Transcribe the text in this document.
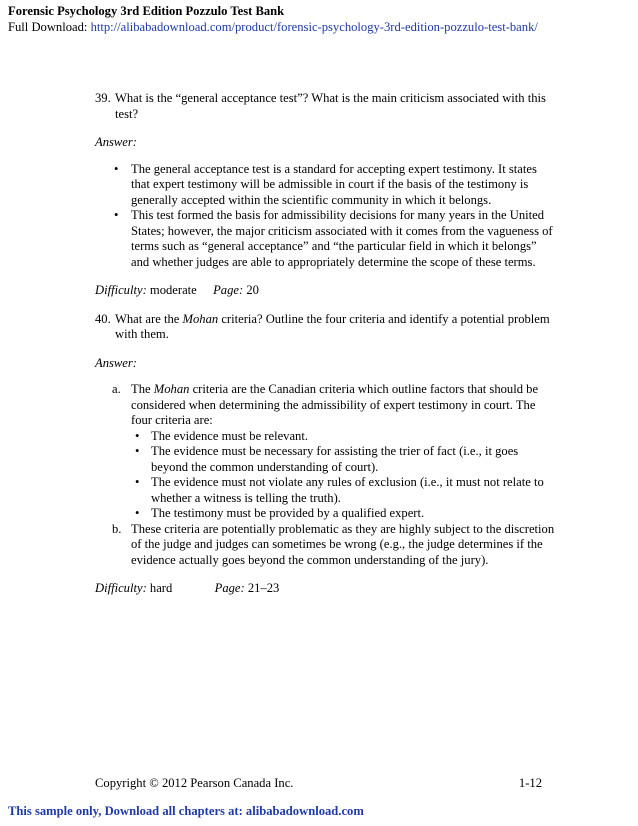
Forensic Psychology 3rd Edition Pozzulo Test Bank
Full Download: http://alibabadownload.com/product/forensic-psychology-3rd-edition-pozzulo-test-bank/
39. What is the “general acceptance test”? What is the main criticism associated with this test?
Answer:
• The general acceptance test is a standard for accepting expert testimony. It states that expert testimony will be admissible in court if the basis of the testimony is generally accepted within the scientific community in which it belongs.
• This test formed the basis for admissibility decisions for many years in the United States; however, the major criticism associated with it comes from the vagueness of terms such as “general acceptance” and “the particular field in which it belongs” and whether judges are able to appropriately determine the scope of these terms.
Difficulty: moderate Page: 20
40. What are the Mohan criteria? Outline the four criteria and identify a potential problem with them.
Answer:
a. The Mohan criteria are the Canadian criteria which outline factors that should be considered when determining the admissibility of expert testimony in court. The four criteria are:
• The evidence must be relevant.
• The evidence must be necessary for assisting the trier of fact (i.e., it goes beyond the common understanding of court).
• The evidence must not violate any rules of exclusion (i.e., it must not relate to whether a witness is telling the truth).
• The testimony must be provided by a qualified expert.
b. These criteria are potentially problematic as they are highly subject to the discretion of the judge and judges can sometimes be wrong (e.g., the judge determines if the evidence actually goes beyond the common understanding of the jury).
Difficulty: hard	Page: 21–23
Copyright © 2012 Pearson Canada Inc.	1-12
This sample only, Download all chapters at: alibabadownload.com
